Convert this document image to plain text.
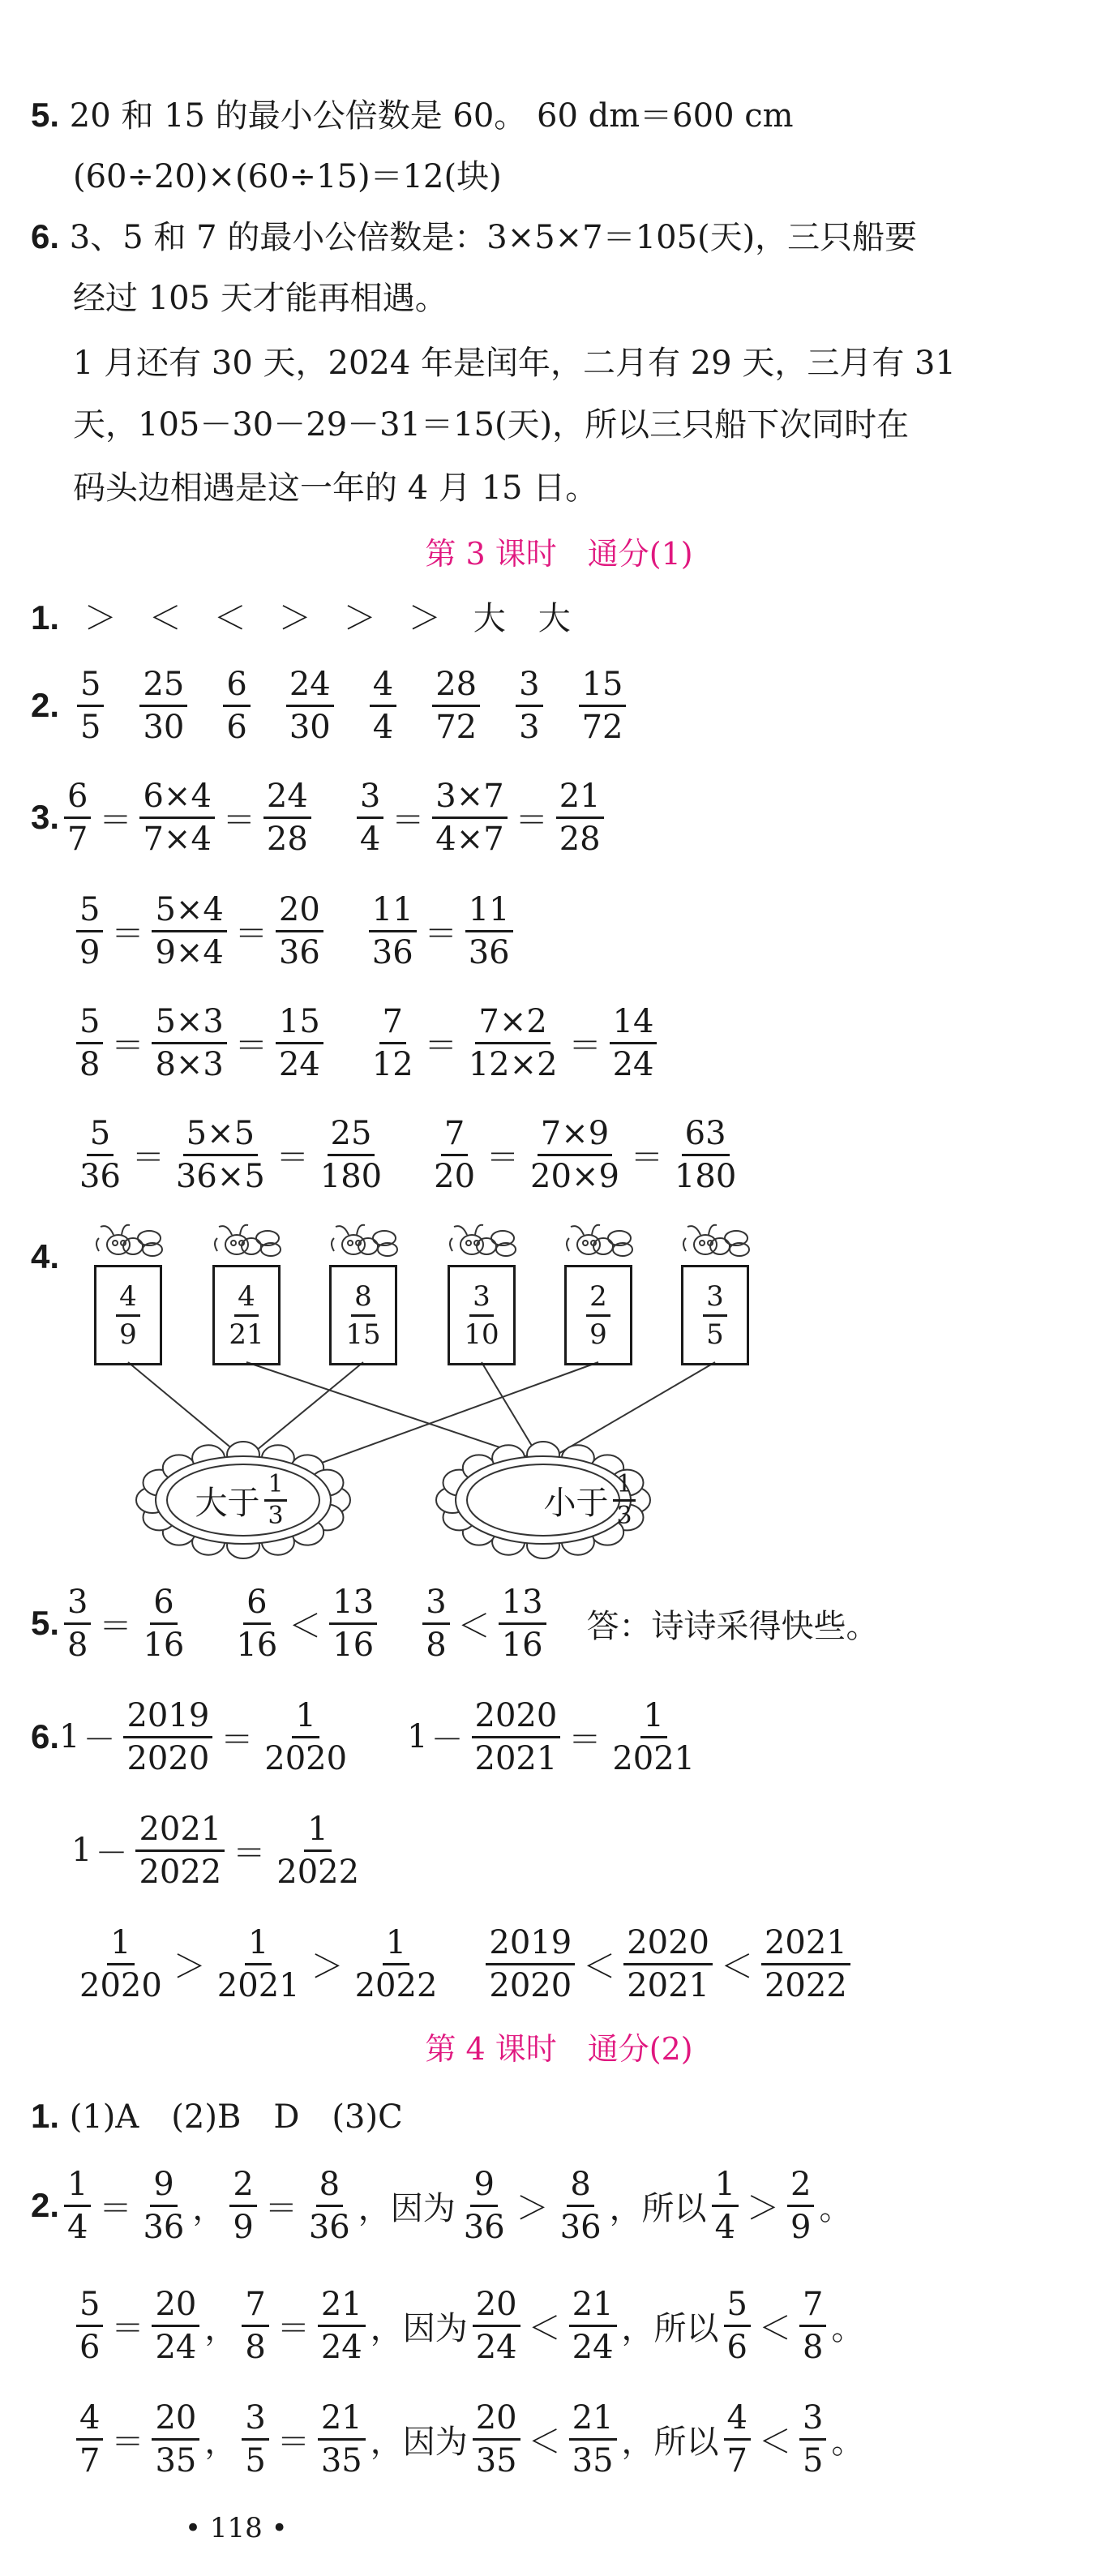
5. 20 和 15 的最小公倍数是 60。 60 dm＝600 cm
(60÷20)×(60÷15)＝12(块)
6. 3、5 和 7 的最小公倍数是：3×5×7＝105(天)，三只船要
经过 105 天才能再相遇。
1 月还有 30 天，2024 年是闰年，二月有 29 天，三月有 31
天，105－30－29－31＝15(天)，所以三只船下次同时在
码头边相遇是这一年的 4 月 15 日。
第 3 课时　通分(1)
1. ＞　＜　＜　＞　＞　＞　大　大
2. $\frac{5}{5} \frac{25}{30} \frac{6}{6} \frac{24}{30} \frac{4}{4} \frac{28}{72} \frac{3}{3} \frac{15}{72}$
3.
6
7 ＝
6×4
7×4 ＝
24
28
3
4 ＝
3×7
4×7 ＝
21
28
5
9 ＝
5×4
9×4 ＝
20
36
11
36 ＝
11
36
5
8 ＝
5×3
8×3 ＝
15
24
7
12 ＝
7×2
12×2 ＝
14
24
5
36 ＝
5×5
36×5 ＝
25
180
7
20 ＝
7×9
20×9 ＝
63
180
4.
4
9
4
21
8
15
3
10
2
9
3
5
大于
1
3	小于
1
3
5.
3
8 ＝
6
16
6
16 ＜
13
16
3
8 ＜
13
16 答：诗诗采得快些。
6. 1 －
2019
2020 ＝
1
2020
1 －
2020
2021 ＝
1
2021
1 －
2021
2022 ＝
1
2022
1
2020 ＞
1
2021 ＞
1
2022
2019
2020 ＜
2020
2021 ＜
2021
2022
第 4 课时　通分(2)
1. (1)A　(2)B　D　(3)C
2.
1
4 ＝
9
36 ，
2
9 ＝
8
36 ，因为
9
36 ＞
8
36 ，所以
1
4 ＞
2
9 。
5
6 ＝
20
24 ，
7
8 ＝
21
24 ，因为
20
24 ＜
21
24 ，所以
5
6 ＜
7
8 。
4
7 ＝
20
35 ，
3
5 ＝
21
35 ，因为
20
35 ＜
21
35 ，所以
4
7 ＜
3
5 。
• 118 •
